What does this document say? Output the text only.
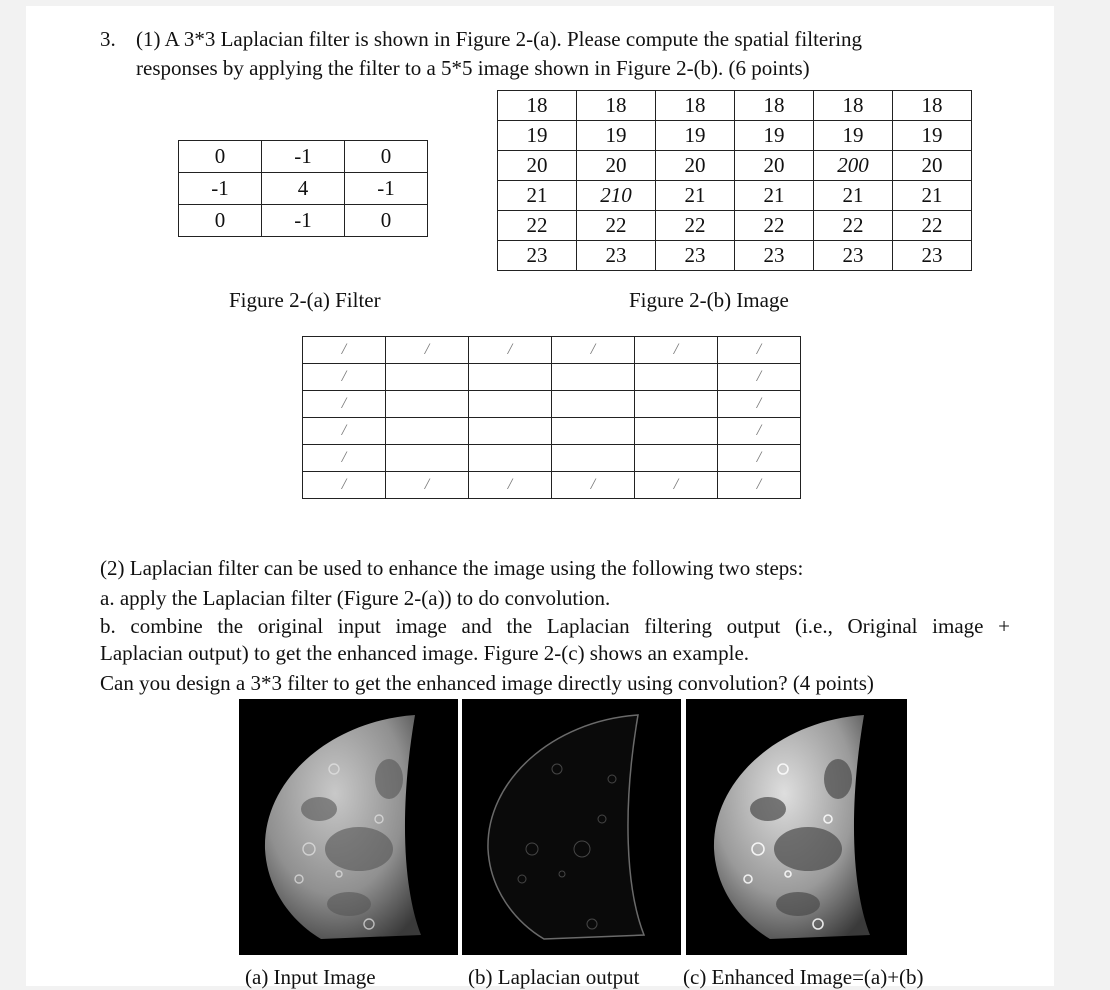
3. (1) A 3*3 Laplacian filter is shown in Figure 2-(a). Please compute the spatial filtering
responses by applying the filter to a 5*5 image shown in Figure 2-(b). (6 points)
0	-1	0
-1	4	-1
0	-1	0
18	18	18	18	18	18
19	19	19	19	19	19
20	20	20	20	200	20
21	210	21	21	21	21
22	22	22	22	22	22
23	23	23	23	23	23
Figure 2-(a) Filter	Figure 2-(b) Image
/	/	/	/	/	/
/					/
/					/
/					/
/					/
/	/	/	/	/	/
(2) Laplacian filter can be used to enhance the image using the following two steps:
a. apply the Laplacian filter (Figure 2-(a)) to do convolution.
b. combine the original input image and the Laplacian filtering output (i.e., Original image +
Laplacian output) to get the enhanced image. Figure 2-(c) shows an example.
Can you design a 3*3 filter to get the enhanced image directly using convolution? (4 points)
(a) Input Image	(b) Laplacian output (c) Enhanced Image=(a)+(b)
